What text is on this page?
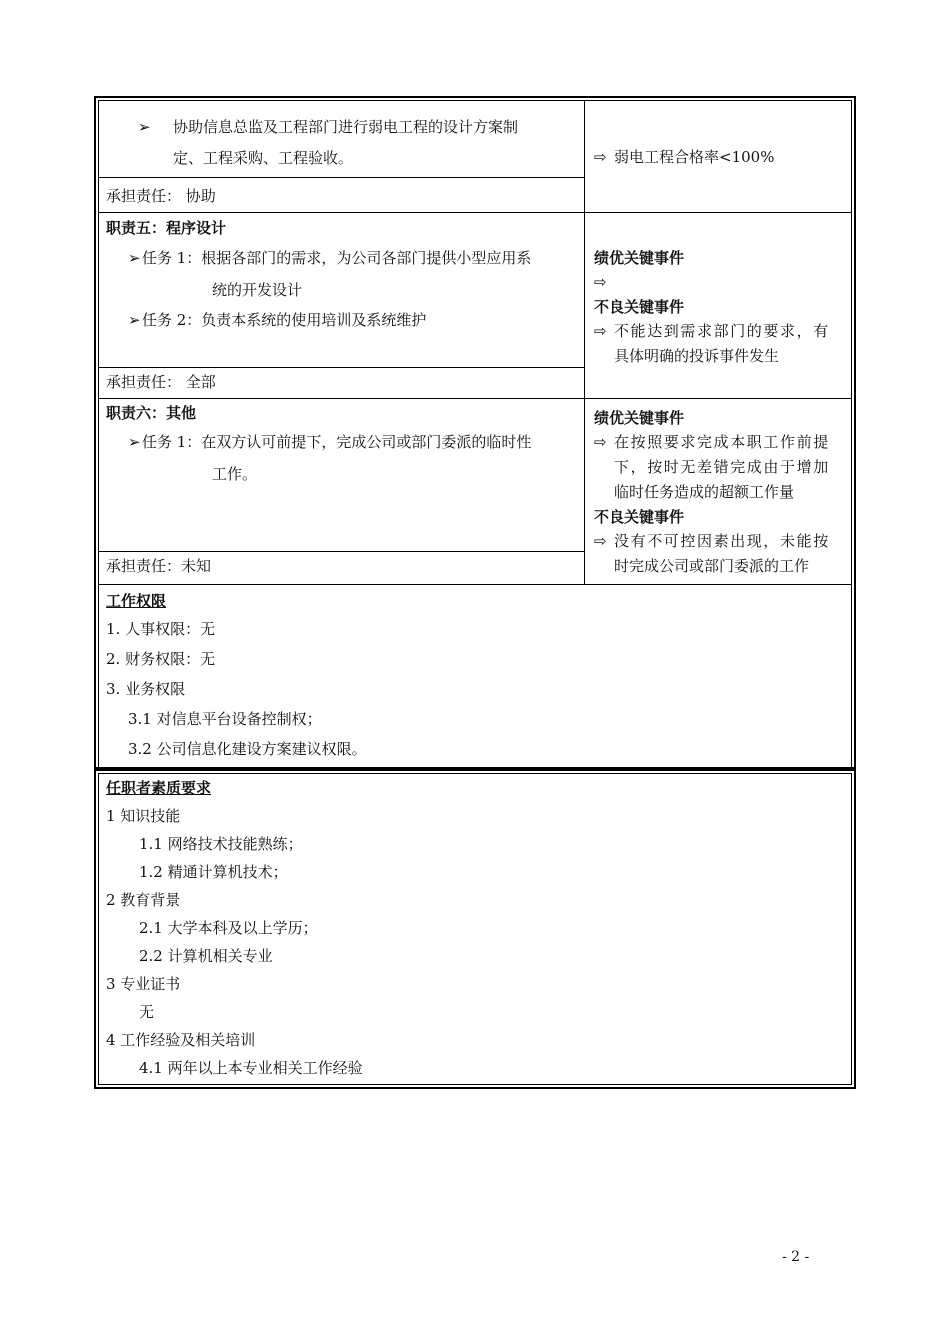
➢ 协助信息总监及工程部门进行弱电工程的设计方案制
定、工程采购、工程验收。
承担责任： 协助
⇨ 弱电工程合格率<100%
职责五：程序设计
➢ 任务 1：根据各部门的需求，为公司各部门提供小型应用系
统的开发设计
➢ 任务 2：负责本系统的使用培训及系统维护
承担责任： 全部
绩优关键事件
⇨
不良关键事件
⇨ 不能达到需求部门的要求，有
具体明确的投诉事件发生
职责六：其他
➢ 任务 1：在双方认可前提下，完成公司或部门委派的临时性
工作。
承担责任：未知
绩优关键事件
⇨ 在按照要求完成本职工作前提
下，按时无差错完成由于增加
临时任务造成的超额工作量
不良关键事件
⇨ 没有不可控因素出现，未能按
时完成公司或部门委派的工作
工作权限
1. 人事权限：无
2. 财务权限：无
3. 业务权限
3.1 对信息平台设备控制权；
3.2 公司信息化建设方案建议权限。
任职者素质要求
1 知识技能
1.1 网络技术技能熟练；
1.2 精通计算机技术；
2 教育背景
2.1 大学本科及以上学历；
2.2 计算机相关专业
3 专业证书
无
4 工作经验及相关培训
4.1 两年以上本专业相关工作经验
- 2 -
